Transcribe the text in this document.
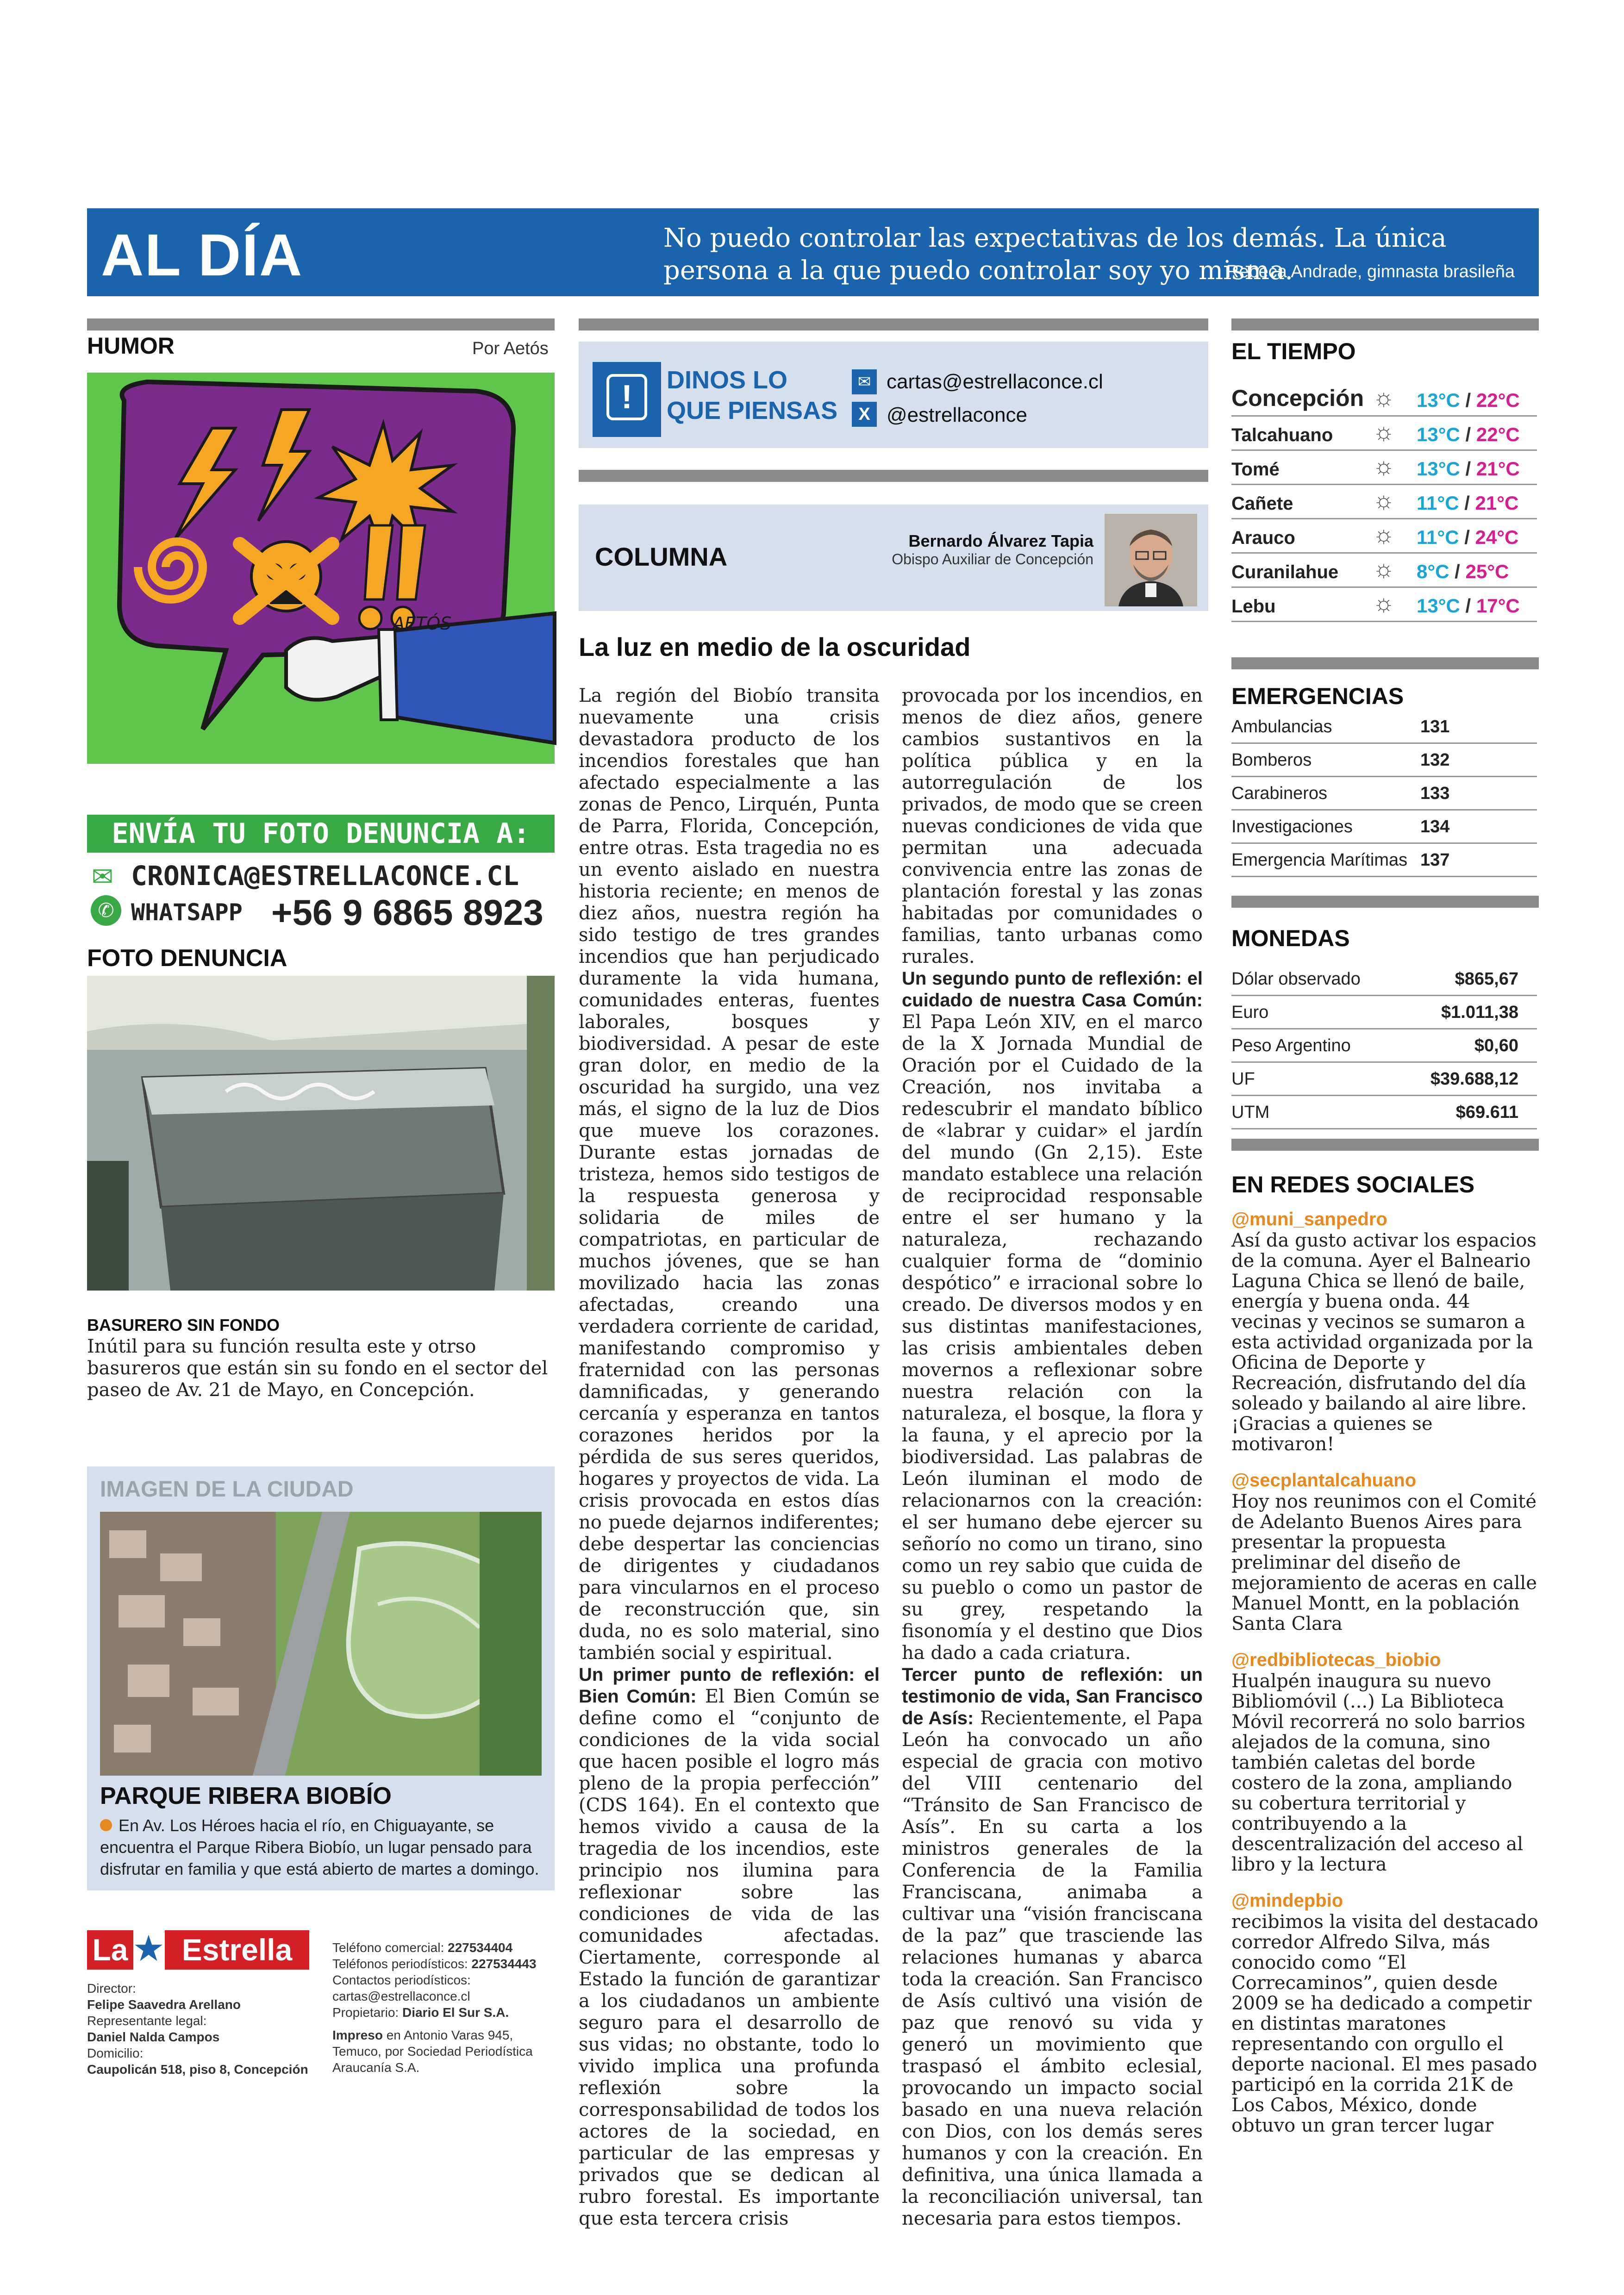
AL DÍA	No puedo controlar las expectativas de los demás. La única persona a la que puedo controlar soy yo misma.
Rebeca Andrade, gimnasta brasileña
HUMOR	Por Aetós
AETÓS
ENVÍA TU FOTO DENUNCIA A:
✉ CRONICA@ESTRELLACONCE.CL
✆ WHATSAPP +56 9 6865 8923
FOTO DENUNCIA
BASURERO SIN FONDO
Inútil para su función resulta este y otrso basureros que están sin su fondo en el sector del paseo de Av. 21 de Mayo, en Concepción.
IMAGEN DE LA CIUDAD
PARQUE RIBERA BIOBÍO
En Av. Los Héroes hacia el río, en Chiguayante, se encuentra el Parque Ribera Biobío, un lugar pensado para disfrutar en familia y que está abierto de martes a domingo.
La ★ Estrella
Director:
Felipe Saavedra Arellano
Representante legal:
Daniel Nalda Campos
Domicilio:
Caupolicán 518, piso 8, Concepción
Teléfono comercial: 227534404
Teléfonos periodísticos: 227534443
Contactos periodísticos:
cartas@estrellaconce.cl
Propietario: Diario El Sur S.A.
Impreso en Antonio Varas 945, Temuco, por Sociedad Periodística Araucanía S.A.
!	DINOS LO
QUE PIENSAS
✉ cartas@estrellaconce.cl
X @estrellaconce
COLUMNA
Bernardo Álvarez Tapia
Obispo Auxiliar de Concepción
La luz en medio de la oscuridad
La región del Biobío transita nuevamente una crisis devastadora producto de los incendios forestales que han afectado especialmente a las zonas de Penco, Lirquén, Punta de Parra, Florida, Concepción, entre otras. Esta tragedia no es un evento aislado en nuestra historia reciente; en menos de diez años, nuestra región ha sido testigo de tres grandes incendios que han perjudicado duramente la vida humana, comunidades enteras, fuentes laborales, bosques y biodiversidad. A pesar de este gran dolor, en medio de la oscuridad ha surgido, una vez más, el signo de la luz de Dios que mueve los corazones. Durante estas jornadas de tristeza, hemos sido testigos de la respuesta generosa y solidaria de miles de compatriotas, en particular de muchos jóvenes, que se han movilizado hacia las zonas afectadas, creando una verdadera corriente de caridad, manifestando compromiso y fraternidad con las personas damnificadas, y generando cercanía y esperanza en tantos corazones heridos por la pérdida de sus seres queridos, hogares y proyectos de vida. La crisis provocada en estos días no puede dejarnos indiferentes; debe despertar las conciencias de dirigentes y ciudadanos para vincularnos en el proceso de reconstrucción que, sin duda, no es solo material, sino también social y espiritual.
Un primer punto de reflexión: el Bien Común: El Bien Común se define como el “conjunto de condiciones de la vida social que hacen posible el logro más pleno de la propia perfección” (CDS 164). En el contexto que hemos vivido a causa de la tragedia de los incendios, este principio nos ilumina para reflexionar sobre las condiciones de vida de las comunidades afectadas. Ciertamente, corresponde al Estado la función de garantizar a los ciudadanos un ambiente seguro para el desarrollo de sus vidas; no obstante, todo lo vivido implica una profunda reflexión sobre la corresponsabilidad de todos los actores de la sociedad, en particular de las empresas y privados que se dedican al rubro forestal. Es importante que esta tercera crisis
provocada por los incendios, en menos de diez años, genere cambios sustantivos en la política pública y en la autorregulación de los privados, de modo que se creen nuevas condiciones de vida que permitan una adecuada convivencia entre las zonas de plantación forestal y las zonas habitadas por comunidades o familias, tanto urbanas como rurales.
Un segundo punto de reflexión: el cuidado de nuestra Casa Común: El Papa León XIV, en el marco de la X Jornada Mundial de Oración por el Cuidado de la Creación, nos invitaba a redescubrir el mandato bíblico de «labrar y cuidar» el jardín del mundo (Gn 2,15). Este mandato establece una relación de reciprocidad responsable entre el ser humano y la naturaleza, rechazando cualquier forma de “dominio despótico” e irracional sobre lo creado. De diversos modos y en sus distintas manifestaciones, las crisis ambientales deben movernos a reflexionar sobre nuestra relación con la naturaleza, el bosque, la flora y la fauna, y el aprecio por la biodiversidad. Las palabras de León iluminan el modo de relacionarnos con la creación: el ser humano debe ejercer su señorío no como un tirano, sino como un rey sabio que cuida de su pueblo o como un pastor de su grey, respetando la fisonomía y el destino que Dios ha dado a cada criatura.
Tercer punto de reflexión: un testimonio de vida, San Francisco de Asís: Recientemente, el Papa León ha convocado un año especial de gracia con motivo del VIII centenario del “Tránsito de San Francisco de Asís”. En su carta a los ministros generales de la Conferencia de la Familia Franciscana, animaba a cultivar una “visión franciscana de la paz” que trasciende las relaciones humanas y abarca toda la creación. San Francisco de Asís cultivó una visión de paz que renovó su vida y generó un movimiento que traspasó el ámbito eclesial, provocando un impacto social basado en una nueva relación con Dios, con los demás seres humanos y con la creación. En definitiva, una única llamada a la reconciliación universal, tan necesaria para estos tiempos.
EL TIEMPO
Concepción ☼ 13°C / 22°C
Talcahuano ☼ 13°C / 22°C
Tomé	☼ 13°C / 21°C
Cañete	☼ 11°C / 21°C
Arauco	☼ 11°C / 24°C
Curanilahue ☼ 8°C / 25°C
Lebu	☼ 13°C / 17°C
EMERGENCIAS
Ambulancias	131
Bomberos	132
Carabineros	133
Investigaciones	134
Emergencia Marítimas 137
MONEDAS
Dólar observado	$865,67
Euro	$1.011,38
Peso Argentino	$0,60
UF	$39.688,12
UTM	$69.611
EN REDES SOCIALES
@muni_sanpedro
Así da gusto activar los espacios de la comuna. Ayer el Balneario Laguna Chica se llenó de baile, energía y buena onda. 44 vecinas y vecinos se sumaron a esta actividad organizada por la Oficina de Deporte y Recreación, disfrutando del día soleado y bailando al aire libre. ¡Gracias a quienes se motivaron!
@secplantalcahuano
Hoy nos reunimos con el Comité de Adelanto Buenos Aires para presentar la propuesta preliminar del diseño de mejoramiento de aceras en calle Manuel Montt, en la población Santa Clara
@redbibliotecas_biobio
Hualpén inaugura su nuevo Bibliomóvil (...) La Biblioteca Móvil recorrerá no solo barrios alejados de la comuna, sino también caletas del borde costero de la zona, ampliando su cobertura territorial y contribuyendo a la descentralización del acceso al libro y la lectura
@mindepbio
recibimos la visita del destacado corredor Alfredo Silva, más conocido como “El Correcaminos”, quien desde 2009 se ha dedicado a competir en distintas maratones representando con orgullo el deporte nacional. El mes pasado participó en la corrida 21K de Los Cabos, México, donde obtuvo un gran tercer lugar
